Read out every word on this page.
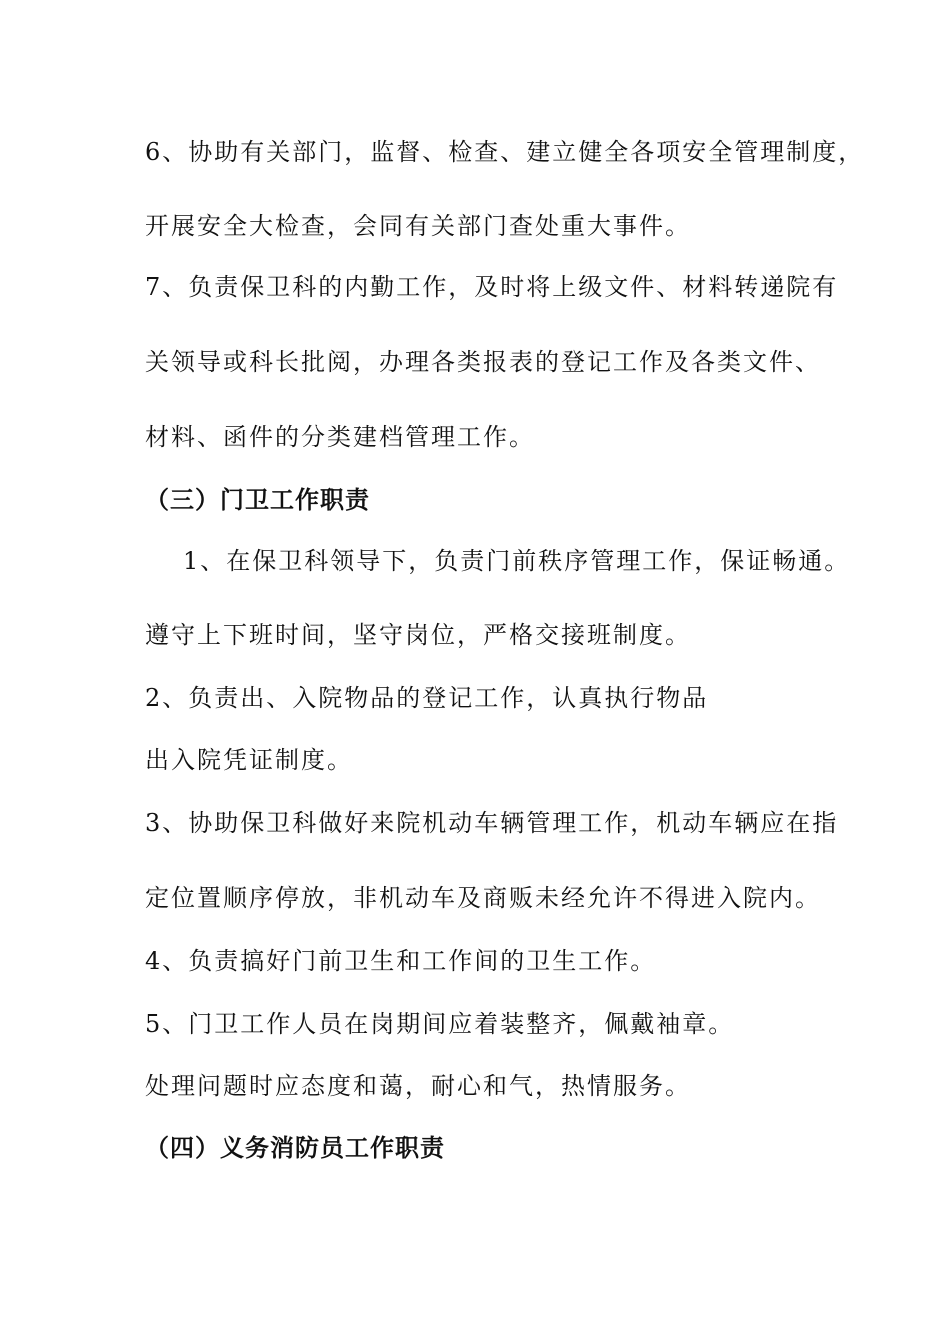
6、协助有关部门，监督、检查、建立健全各项安全管理制度，
开展安全大检查，会同有关部门查处重大事件。
7、负责保卫科的内勤工作，及时将上级文件、材料转递院有
关领导或科长批阅，办理各类报表的登记工作及各类文件、
材料、函件的分类建档管理工作。
（三）门卫工作职责
1、在保卫科领导下，负责门前秩序管理工作，保证畅通。
遵守上下班时间，坚守岗位，严格交接班制度。
2、负责出、入院物品的登记工作，认真执行物品
出入院凭证制度。
3、协助保卫科做好来院机动车辆管理工作，机动车辆应在指
定位置顺序停放，非机动车及商贩未经允许不得进入院内。
4、负责搞好门前卫生和工作间的卫生工作。
5、门卫工作人员在岗期间应着装整齐，佩戴袖章。
处理问题时应态度和蔼，耐心和气，热情服务。
（四）义务消防员工作职责
